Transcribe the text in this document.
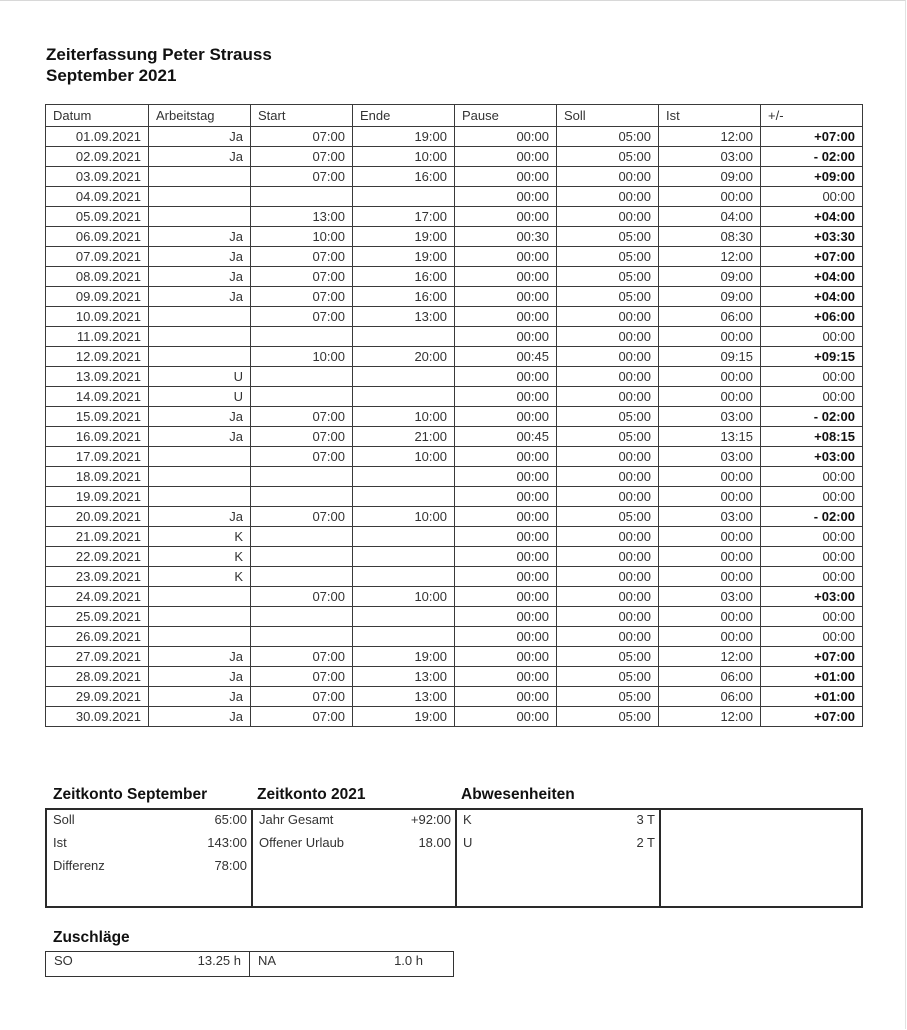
Zeiterfassung Peter Strauss
September 2021
Datum	Arbeitstag	Start	Ende	Pause	Soll	Ist	+/-
01.09.2021	Ja	07:00	19:00	00:00	05:00	12:00	+07:00
02.09.2021	Ja	07:00	10:00	00:00	05:00	03:00	- 02:00
03.09.2021		07:00	16:00	00:00	00:00	09:00	+09:00
04.09.2021				00:00	00:00	00:00	00:00
05.09.2021		13:00	17:00	00:00	00:00	04:00	+04:00
06.09.2021	Ja	10:00	19:00	00:30	05:00	08:30	+03:30
07.09.2021	Ja	07:00	19:00	00:00	05:00	12:00	+07:00
08.09.2021	Ja	07:00	16:00	00:00	05:00	09:00	+04:00
09.09.2021	Ja	07:00	16:00	00:00	05:00	09:00	+04:00
10.09.2021		07:00	13:00	00:00	00:00	06:00	+06:00
11.09.2021				00:00	00:00	00:00	00:00
12.09.2021		10:00	20:00	00:45	00:00	09:15	+09:15
13.09.2021	U			00:00	00:00	00:00	00:00
14.09.2021	U			00:00	00:00	00:00	00:00
15.09.2021	Ja	07:00	10:00	00:00	05:00	03:00	- 02:00
16.09.2021	Ja	07:00	21:00	00:45	05:00	13:15	+08:15
17.09.2021		07:00	10:00	00:00	00:00	03:00	+03:00
18.09.2021				00:00	00:00	00:00	00:00
19.09.2021				00:00	00:00	00:00	00:00
20.09.2021	Ja	07:00	10:00	00:00	05:00	03:00	- 02:00
21.09.2021	K			00:00	00:00	00:00	00:00
22.09.2021	K			00:00	00:00	00:00	00:00
23.09.2021	K			00:00	00:00	00:00	00:00
24.09.2021		07:00	10:00	00:00	00:00	03:00	+03:00
25.09.2021				00:00	00:00	00:00	00:00
26.09.2021				00:00	00:00	00:00	00:00
27.09.2021	Ja	07:00	19:00	00:00	05:00	12:00	+07:00
28.09.2021	Ja	07:00	13:00	00:00	05:00	06:00	+01:00
29.09.2021	Ja	07:00	13:00	00:00	05:00	06:00	+01:00
30.09.2021	Ja	07:00	19:00	00:00	05:00	12:00	+07:00
Zeitkonto September	Zeitkonto 2021	Abwesenheiten
Soll	65:00
Ist	143:00
Differenz	78:00
Jahr Gesamt	+92:00
Offener Urlaub	18.00
K	3 T
U	2 T
Zuschläge
SO	13.25 h NA	1.0 h
